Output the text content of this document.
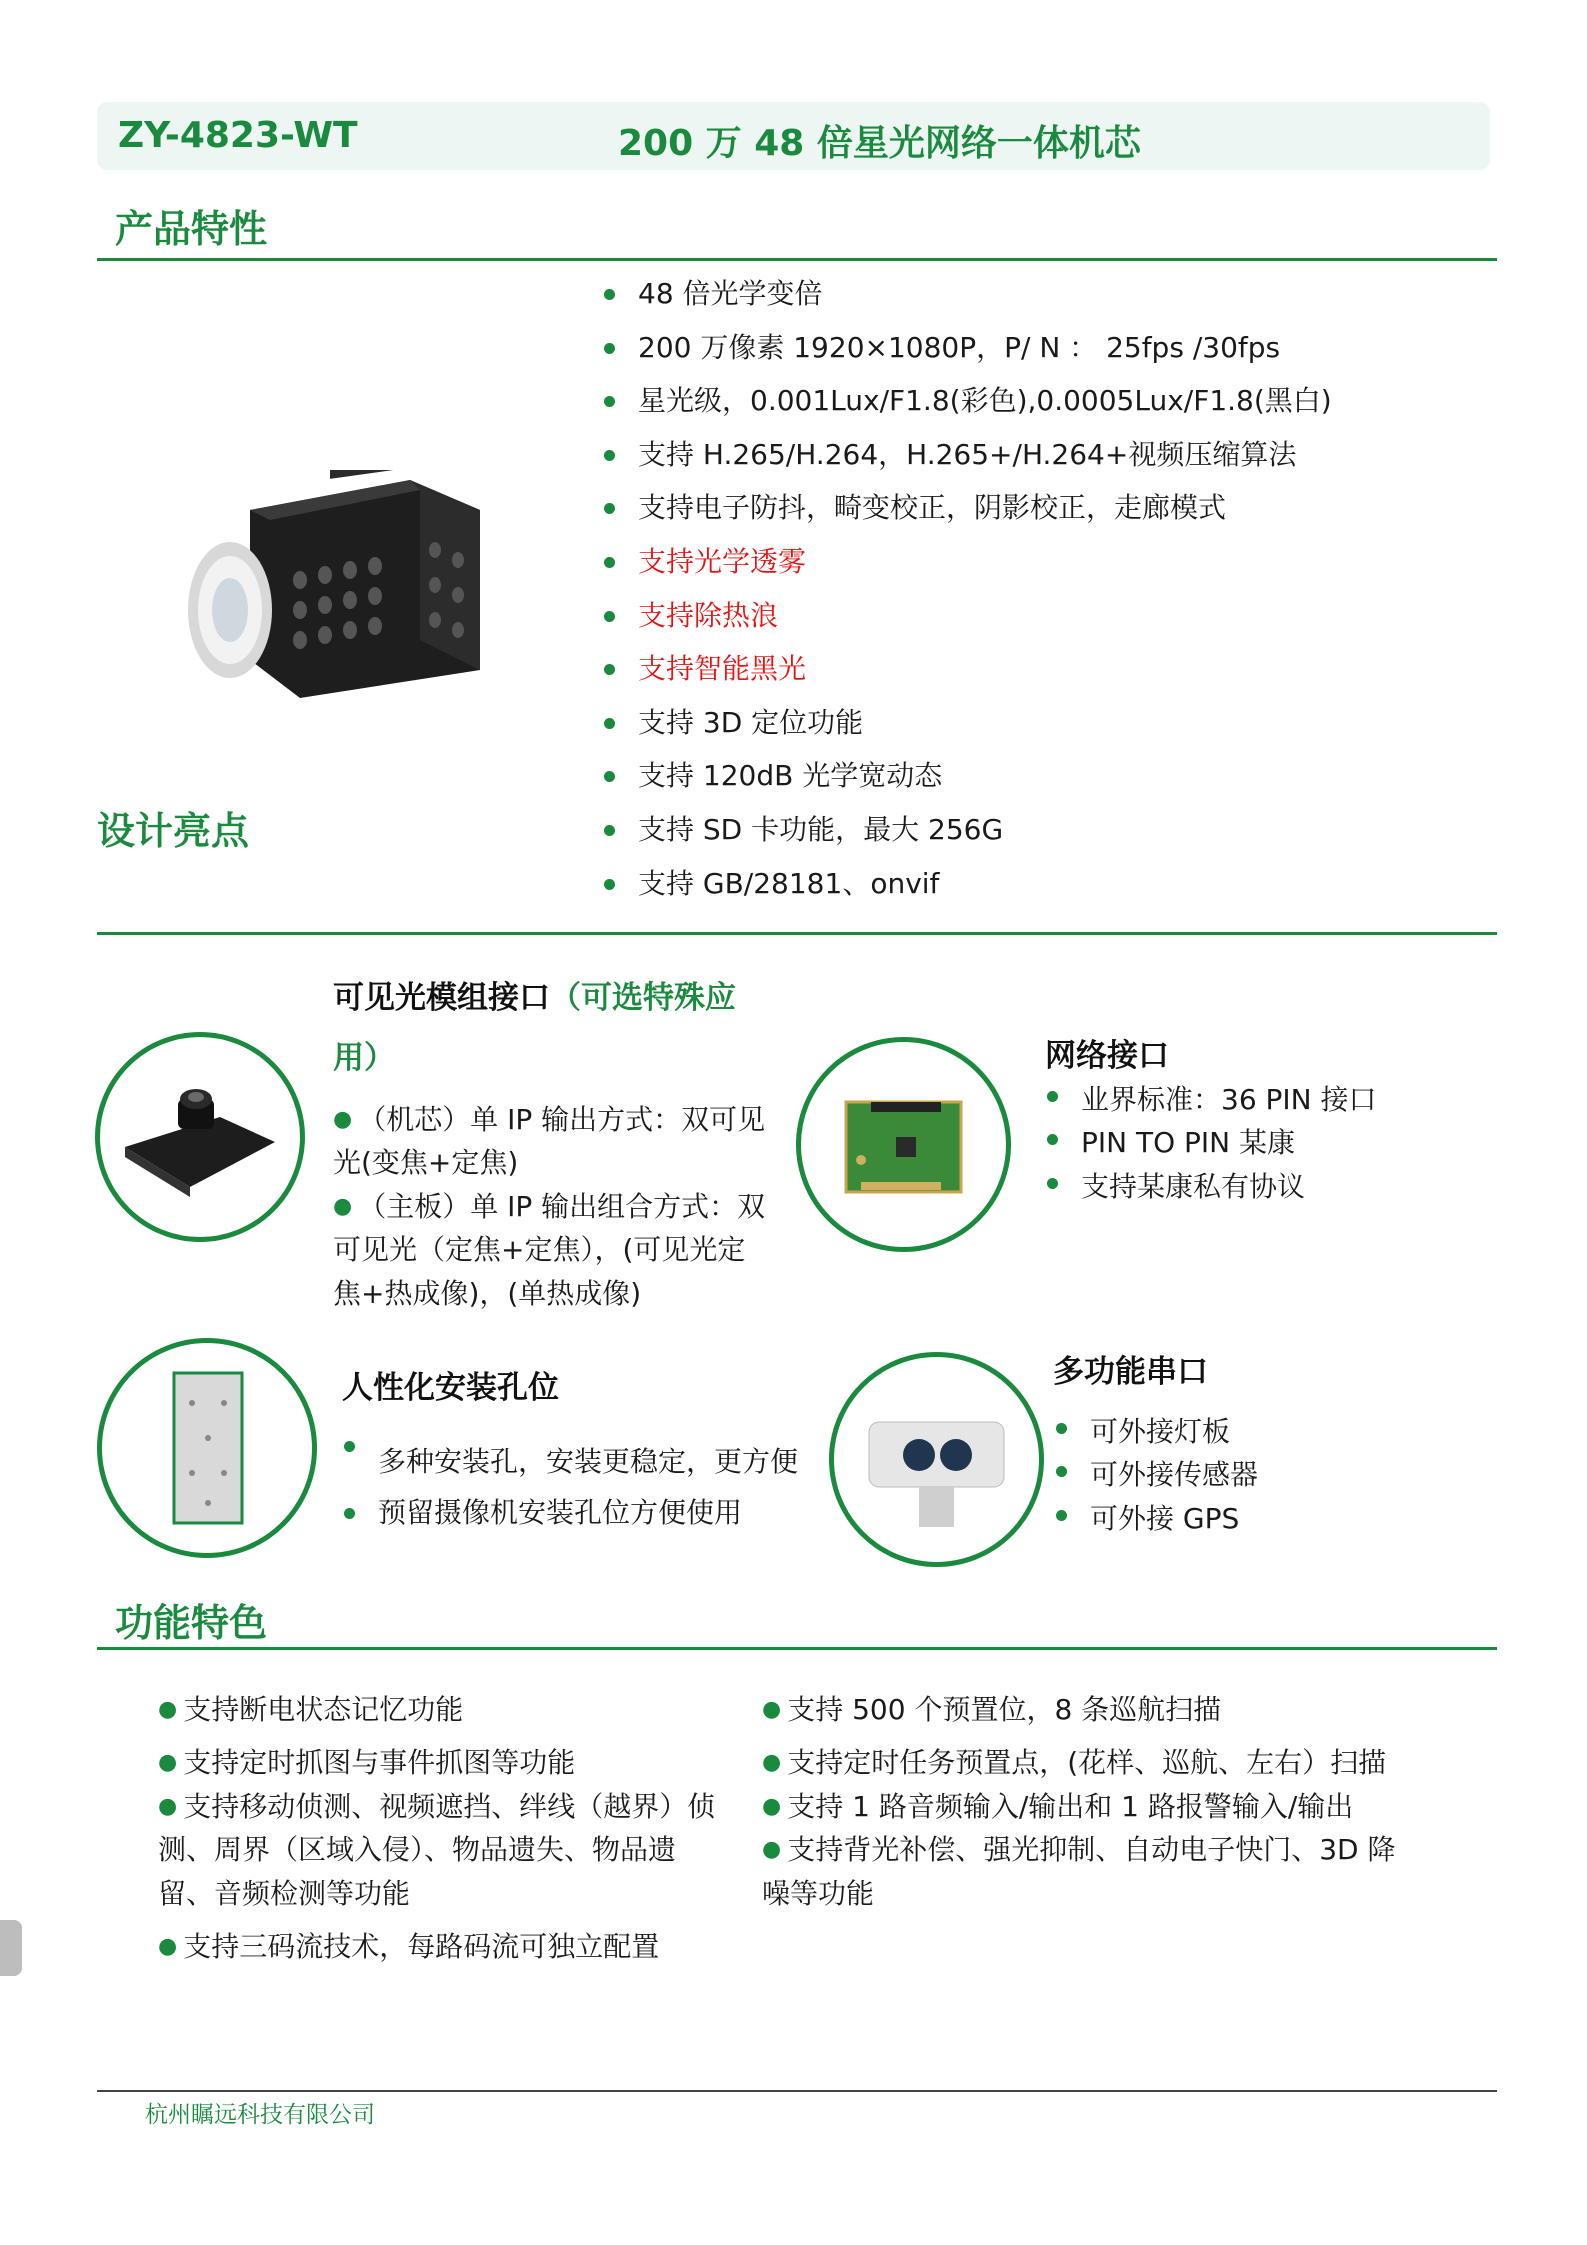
ZY-4823-WT	200 万 48 倍星光网络一体机芯
产品特性
48 倍光学变倍
200 万像素 1920×1080P，P/ N ： 25fps /30fps
星光级，0.001Lux/F1.8(彩色),0.0005Lux/F1.8(黑白)
支持 H.265/H.264，H.265+/H.264+视频压缩算法
支持电子防抖，畸变校正，阴影校正，走廊模式
支持光学透雾
支持除热浪
支持智能黑光
支持 3D 定位功能
支持 120dB 光学宽动态
支持 SD 卡功能，最大 256G
支持 GB/28181、onvif
设计亮点
可见光模组接口（可选特殊应
用）
● （机芯）单 IP 输出方式：双可见光(变焦+定焦)
● （主板）单 IP 输出组合方式：双可见光（定焦+定焦），(可见光定焦+热成像)，(单热成像)
网络接口
业界标准：36 PIN 接口
PIN TO PIN 某康
支持某康私有协议
人性化安装孔位
多种安装孔，安装更稳定，更方便
预留摄像机安装孔位方便使用
多功能串口
可外接灯板
可外接传感器
可外接 GPS
功能特色
● 支持断电状态记忆功能
● 支持定时抓图与事件抓图等功能
● 支持移动侦测、视频遮挡、绊线（越界）侦测、周界（区域入侵）、物品遗失、物品遗留、音频检测等功能
● 支持三码流技术，每路码流可独立配置
● 支持 500 个预置位，8 条巡航扫描
● 支持定时任务预置点，(花样、巡航、左右）扫描
● 支持 1 路音频输入/输出和 1 路报警输入/输出
● 支持背光补偿、强光抑制、自动电子快门、3D 降噪等功能
杭州瞩远科技有限公司
